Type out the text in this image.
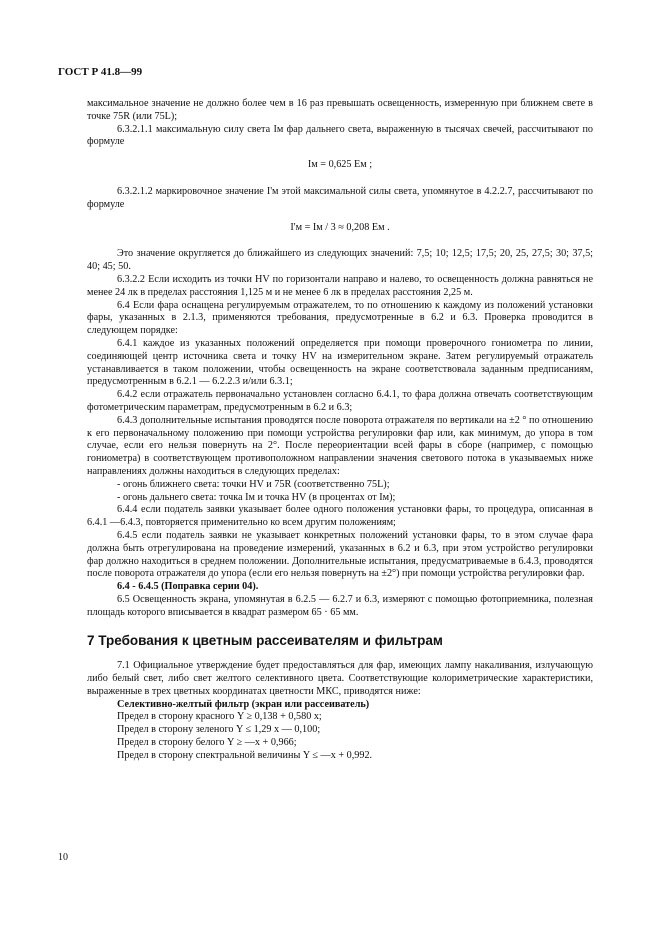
ГОСТ Р 41.8—99

максимальное значение не должно более чем в 16 раз превышать освещенность, измеренную при ближнем свете в точке 75R (или 75L);

6.3.2.1.1 максимальную силу света Iм фар дальнего света, выраженную в тысячах свечей, рассчитывают по формуле

Iм = 0,625 Eм ;

6.3.2.1.2 маркировочное значение I'м этой максимальной силы света, упомянутое в 4.2.2.7, рассчитывают по формуле

I'м = Iм / 3 ≈ 0,208 Eм .

Это значение округляется до ближайшего из следующих значений: 7,5; 10; 12,5; 17,5; 20, 25, 27,5; 30; 37,5; 40; 45; 50.

6.3.2.2 Если исходить из точки HV по горизонтали направо и налево, то освещенность должна равняться не менее 24 лк в пределах расстояния 1,125 м и не менее 6 лк в пределах расстояния 2,25 м.

6.4 Если фара оснащена регулируемым отражателем, то по отношению к каждому из положений установки фары, указанных в 2.1.3, применяются требования, предусмотренные в 6.2 и 6.3. Проверка проводится в следующем порядке:

6.4.1 каждое из указанных положений определяется при помощи проверочного гониометра по линии, соединяющей центр источника света и точку HV на измерительном экране. Затем регулируемый отражатель устанавливается в таком положении, чтобы освещенность на экране соответствовала заданным предписаниям, предусмотренным в 6.2.1 — 6.2.2.3 и/или 6.3.1;

6.4.2 если отражатель первоначально установлен согласно 6.4.1, то фара должна отвечать соответствующим фотометрическим параметрам, предусмотренным в 6.2 и 6.3;

6.4.3 дополнительные испытания проводятся после поворота отражателя по вертикали на ±2 ° по отношению к его первоначальному положению при помощи устройства регулировки фар или, как минимум, до упора в том случае, если его нельзя повернуть на 2°. После переориентации всей фары в сборе (например, с помощью гониометра) в соответствующем противоположном направлении значения светового потока в указываемых ниже направлениях должны находиться в следующих пределах:

- огонь ближнего света: точки HV и 75R (соответственно 75L);

- огонь дальнего света: точка Iм и точка HV (в процентах от Iм);

6.4.4 если податель заявки указывает более одного положения установки фары, то процедура, описанная в 6.4.1 —6.4.3, повторяется применительно ко всем другим положениям;

6.4.5 если податель заявки не указывает конкретных положений установки фары, то в этом случае фара должна быть отрегулирована на проведение измерений, указанных в 6.2 и 6.3, при этом устройство регулировки фар должно находиться в среднем положении. Дополнительные испытания, предусматриваемые в 6.4.3, проводятся после поворота отражателя до упора (если его нельзя повернуть на ±2°) при помощи устройства регулировки фар.

6.4 - 6.4.5 (Поправка серии 04).

6.5 Освещенность экрана, упомянутая в 6.2.5 — 6.2.7 и 6.3, измеряют с помощью фотоприемника, полезная площадь которого вписывается в квадрат размером 65 · 65 мм.

7 Требования к цветным рассеивателям и фильтрам

7.1 Официальное утверждение будет предоставляться для фар, имеющих лампу накаливания, излучающую либо белый свет, либо свет желтого селективного цвета. Соответствующие колориметрические характеристики, выраженные в трех цветных координатах цветности МКС, приводятся ниже:

Селективно-желтый фильтр (экран или рассеиватель)

Предел в сторону красного Y ≥ 0,138 + 0,580 x;

Предел в сторону зеленого Y ≤ 1,29 x — 0,100;

Предел в сторону белого Y ≥ —x + 0,966;

Предел в сторону спектральной величины Y ≤ —x + 0,992.

10
